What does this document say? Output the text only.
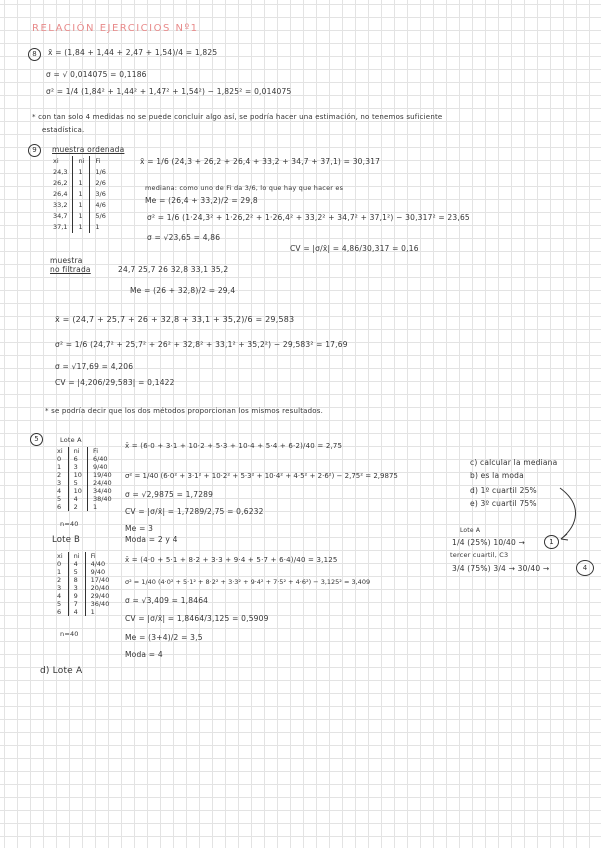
RELACIÓN EJERCICIOS Nº1
8	x̄ = (1,84 + 1,44 + 2,47 + 1,54)/4 = 1,825
σ = √ 0,014075 = 0,1186
σ² = 1/4 (1,84² + 1,44² + 1,47² + 1,54²) − 1,825² = 0,014075
* con tan solo 4 medidas no se puede concluir algo así, se podría hacer una estimación, no tenemos suficiente
estadística.
9	muestra ordenada
xi	ni	Fi
24,3	1	1/6
26,2	1	2/6
26,4	1	3/6
33,2	1	4/6
34,7	1	5/6
37,1	1	1
x̄ = 1/6 (24,3 + 26,2 + 26,4 + 33,2 + 34,7 + 37,1) = 30,317
mediana: como uno de Fi da 3/6, lo que hay que hacer es
Me = (26,4 + 33,2)/2 = 29,8
σ² = 1/6 (1·24,3² + 1·26,2² + 1·26,4² + 33,2² + 34,7² + 37,1²) − 30,317² = 23,65
σ = √23,65 = 4,86
CV = |σ/x̄| = 4,86/30,317 = 0,16
muestra
no filtrada	24,7 25,7 26 32,8 33,1 35,2
Me = (26 + 32,8)/2 = 29,4
x̄ = (24,7 + 25,7 + 26 + 32,8 + 33,1 + 35,2)/6 = 29,583
σ² = 1/6 (24,7² + 25,7² + 26² + 32,8² + 33,1² + 35,2²) − 29,583² = 17,69
σ = √17,69 = 4,206
CV = |4,206/29,583| = 0,1422
* se podría decir que los dos métodos proporcionan los mismos resultados.
5	Lote A
xi	ni	Fi
0	6	6/40
1	3	9/40
2	10	19/40
3	5	24/40
4	10	34/40
5	4	38/40
6	2	1
n=40
x̄ = (6·0 + 3·1 + 10·2 + 5·3 + 10·4 + 5·4 + 6·2)/40 = 2,75
σ² = 1/40 (6·0² + 3·1² + 10·2² + 5·3² + 10·4² + 4·5² + 2·6²) − 2,75² = 2,9875
σ = √2,9875 = 1,7289
CV = |σ/x̄| = 1,7289/2,75 = 0,6232
Me = 3
Moda = 2 y 4
Lote B
xi	ni	Fi
0	4	4/40
1	5	9/40
2	8	17/40
3	3	20/40
4	9	29/40
5	7	36/40
6	4	1
n=40
x̄ = (4·0 + 5·1 + 8·2 + 3·3 + 9·4 + 5·7 + 6·4)/40 = 3,125
σ² = 1/40 (4·0² + 5·1² + 8·2² + 3·3² + 9·4² + 7·5² + 4·6²) − 3,125² = 3,409
σ = √3,409 = 1,8464
CV = |σ/x̄| = 1,8464/3,125 = 0,5909
Me = (3+4)/2 = 3,5
Moda = 4
d) Lote A
c) calcular la mediana
b) es la moda
d) 1º cuartil 25%
e) 3º cuartil 75%
Lote A
1/4 (25%) 10/40 →	1
tercer cuartil, C3
3/4 (75%) 3/4 → 30/40 →	4
